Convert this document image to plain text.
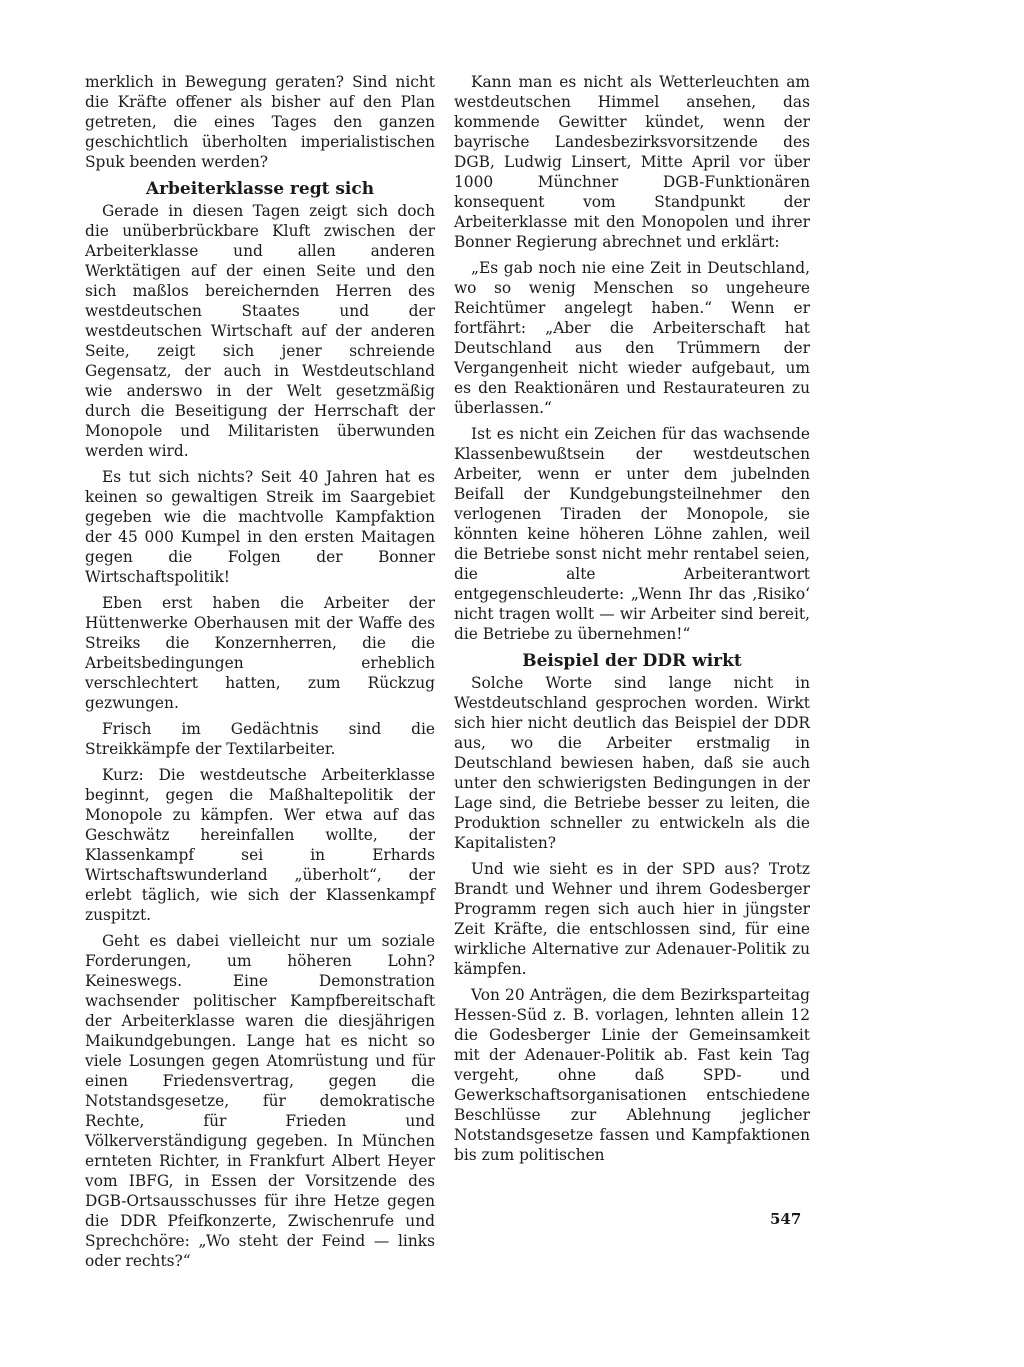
merklich in Bewegung geraten? Sind nicht die Kräfte offener als bisher auf den Plan getreten, die eines Tages den ganzen geschichtlich überholten imperialistischen Spuk beenden werden?

Arbeiterklasse regt sich

Gerade in diesen Tagen zeigt sich doch die unüberbrückbare Kluft zwischen der Arbeiterklasse und allen anderen Werktätigen auf der einen Seite und den sich maßlos bereichernden Herren des westdeutschen Staates und der westdeutschen Wirtschaft auf der anderen Seite, zeigt sich jener schreiende Gegensatz, der auch in Westdeutschland wie anderswo in der Welt gesetzmäßig durch die Beseitigung der Herrschaft der Monopole und Militaristen überwunden werden wird.

Es tut sich nichts? Seit 40 Jahren hat es keinen so gewaltigen Streik im Saargebiet gegeben wie die machtvolle Kampfaktion der 45 000 Kumpel in den ersten Maitagen gegen die Folgen der Bonner Wirtschaftspolitik!

Eben erst haben die Arbeiter der Hüttenwerke Oberhausen mit der Waffe des Streiks die Konzernherren, die die Arbeitsbedingungen erheblich verschlechtert hatten, zum Rückzug gezwungen.

Frisch im Gedächtnis sind die Streikkämpfe der Textilarbeiter.

Kurz: Die westdeutsche Arbeiterklasse beginnt, gegen die Maßhaltepolitik der Monopole zu kämpfen. Wer etwa auf das Geschwätz hereinfallen wollte, der Klassenkampf sei in Erhards Wirtschaftswunderland „überholt“, der erlebt täglich, wie sich der Klassenkampf zuspitzt.

Geht es dabei vielleicht nur um soziale Forderungen, um höheren Lohn? Keineswegs. Eine Demonstration wachsender politischer Kampfbereitschaft der Arbeiterklasse waren die diesjährigen Maikundgebungen. Lange hat es nicht so viele Losungen gegen Atomrüstung und für einen Friedensvertrag, gegen die Notstandsgesetze, für demokratische Rechte, für Frieden und Völkerverständigung gegeben. In München ernteten Richter, in Frankfurt Albert Heyer vom IBFG, in Essen der Vorsitzende des DGB-Ortsausschusses für ihre Hetze gegen die DDR Pfeifkonzerte, Zwischenrufe und Sprechchöre: „Wo steht der Feind — links oder rechts?“

Kann man es nicht als Wetterleuchten am westdeutschen Himmel ansehen, das kommende Gewitter kündet, wenn der bayrische Landesbezirksvorsitzende des DGB, Ludwig Linsert, Mitte April vor über 1000 Münchner DGB-Funktionären konsequent vom Standpunkt der Arbeiterklasse mit den Monopolen und ihrer Bonner Regierung abrechnet und erklärt:

„Es gab noch nie eine Zeit in Deutschland, wo so wenig Menschen so ungeheure Reichtümer angelegt haben.“ Wenn er fortfährt: „Aber die Arbeiterschaft hat Deutschland aus den Trümmern der Vergangenheit nicht wieder aufgebaut, um es den Reaktionären und Restaurateuren zu überlassen.“

Ist es nicht ein Zeichen für das wachsende Klassenbewußtsein der westdeutschen Arbeiter, wenn er unter dem jubelnden Beifall der Kundgebungsteilnehmer den verlogenen Tiraden der Monopole, sie könnten keine höheren Löhne zahlen, weil die Betriebe sonst nicht mehr rentabel seien, die alte Arbeiterantwort entgegenschleuderte: „Wenn Ihr das ‚Risiko‘ nicht tragen wollt — wir Arbeiter sind bereit, die Betriebe zu übernehmen!“

Beispiel der DDR wirkt

Solche Worte sind lange nicht in Westdeutschland gesprochen worden. Wirkt sich hier nicht deutlich das Beispiel der DDR aus, wo die Arbeiter erstmalig in Deutschland bewiesen haben, daß sie auch unter den schwierigsten Bedingungen in der Lage sind, die Betriebe besser zu leiten, die Produktion schneller zu entwickeln als die Kapitalisten?

Und wie sieht es in der SPD aus? Trotz Brandt und Wehner und ihrem Godesberger Programm regen sich auch hier in jüngster Zeit Kräfte, die entschlossen sind, für eine wirkliche Alternative zur Adenauer-Politik zu kämpfen.

Von 20 Anträgen, die dem Bezirksparteitag Hessen-Süd z. B. vorlagen, lehnten allein 12 die Godesberger Linie der Gemeinsamkeit mit der Adenauer-Politik ab. Fast kein Tag vergeht, ohne daß SPD- und Gewerkschaftsorganisationen entschiedene Beschlüsse zur Ablehnung jeglicher Notstandsgesetze fassen und Kampfaktionen bis zum politischen

547
